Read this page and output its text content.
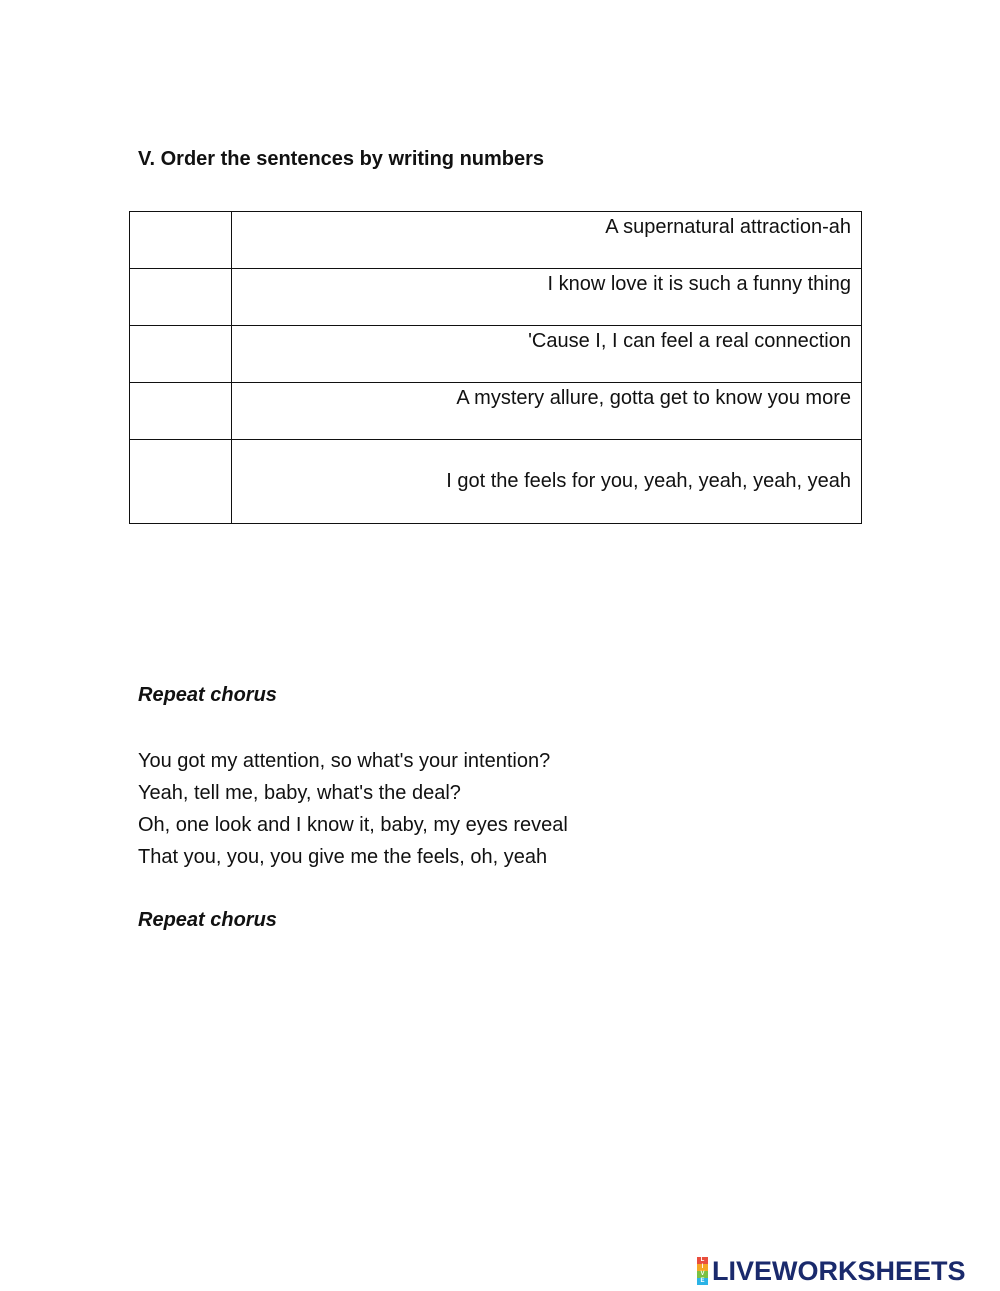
V. Order the sentences by writing numbers
	A supernatural attraction-ah
	I know love it is such a funny thing
	'Cause I, I can feel a real connection
	A mystery allure, gotta get to know you more
	I got the feels for you, yeah, yeah, yeah, yeah
Repeat chorus
You got my attention, so what's your intention?
Yeah, tell me, baby, what's the deal?
Oh, one look and I know it, baby, my eyes reveal
That you, you, you give me the feels, oh, yeah
Repeat chorus
L
I
V
E LIVEWORKSHEETS
